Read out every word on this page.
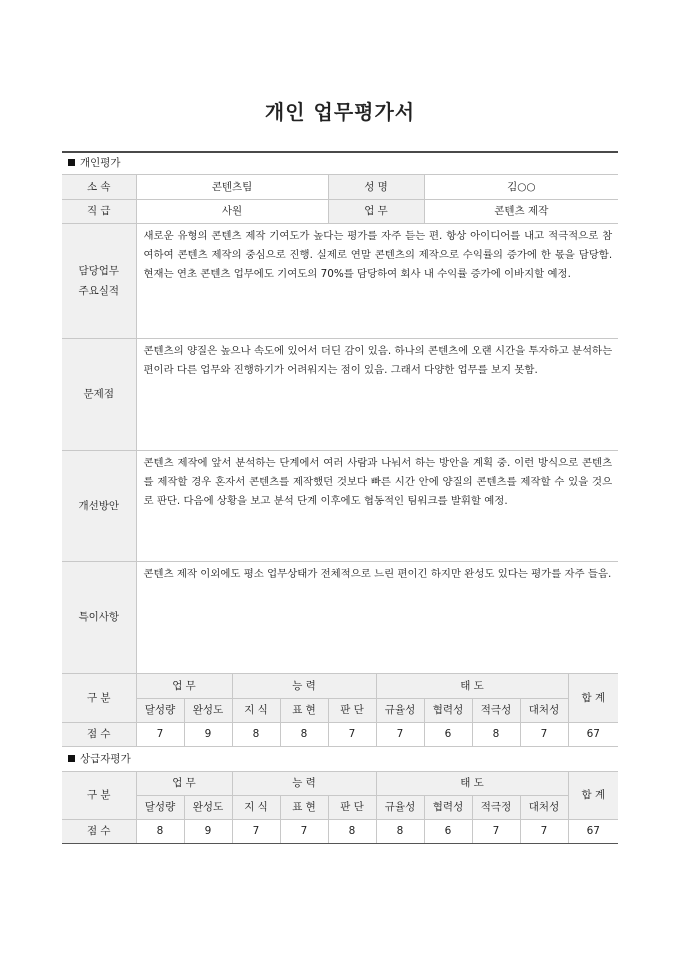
개인 업무평가서
개인평가										
소 속	콘텐츠팀				성 명		김○○			
직 급	사원				업 무		콘텐츠 제작			
담당업무
주요실적	새로운 유형의 콘텐츠 제작 기여도가 높다는 평가를 자주 듣는 편. 항상 아이디어를 내고 적극적으로 참여하여 콘텐츠 제작의 중심으로 진행. 실제로 연말 콘텐츠의 제작으로 수익률의 증가에 한 몫을 담당함. 현재는 연초 콘텐츠 업무에도 기여도의 70%를 담당하여 회사 내 수익률 증가에 이바지할 예정.									
문제점	콘텐츠의 양질은 높으나 속도에 있어서 더딘 감이 있음. 하나의 콘텐츠에 오랜 시간을 투자하고 분석하는 편이라 다른 업무와 진행하기가 어려워지는 점이 있음. 그래서 다양한 업무를 보지 못함.									
개선방안	콘텐츠 제작에 앞서 분석하는 단계에서 여러 사람과 나눠서 하는 방안을 계획 중. 이런 방식으로 콘텐츠를 제작할 경우 혼자서 콘텐츠를 제작했던 것보다 빠른 시간 안에 양질의 콘텐츠를 제작할 수 있을 것으로 판단. 다음에 상황을 보고 분석 단계 이후에도 협동적인 팀워크를 발휘할 예정.									
특이사항	콘텐츠 제작 이외에도 평소 업무상태가 전체적으로 느린 편이긴 하지만 완성도 있다는 평가를 자주 들음.									
구 분	업 무		능 력			태 도				합 계
	달성량	완성도	지 식	표 현	판 단	규율성	협력성	적극성	대처성	
점 수	7	9	8	8	7	7	6	8	7	67
상급자평가										
구 분	업 무		능 력			태 도				합 계
	달성량	완성도	지 식	표 현	판 단	규율성	협력성	적극정	대처성	
점 수	8	9	7	7	8	8	6	7	7	67
